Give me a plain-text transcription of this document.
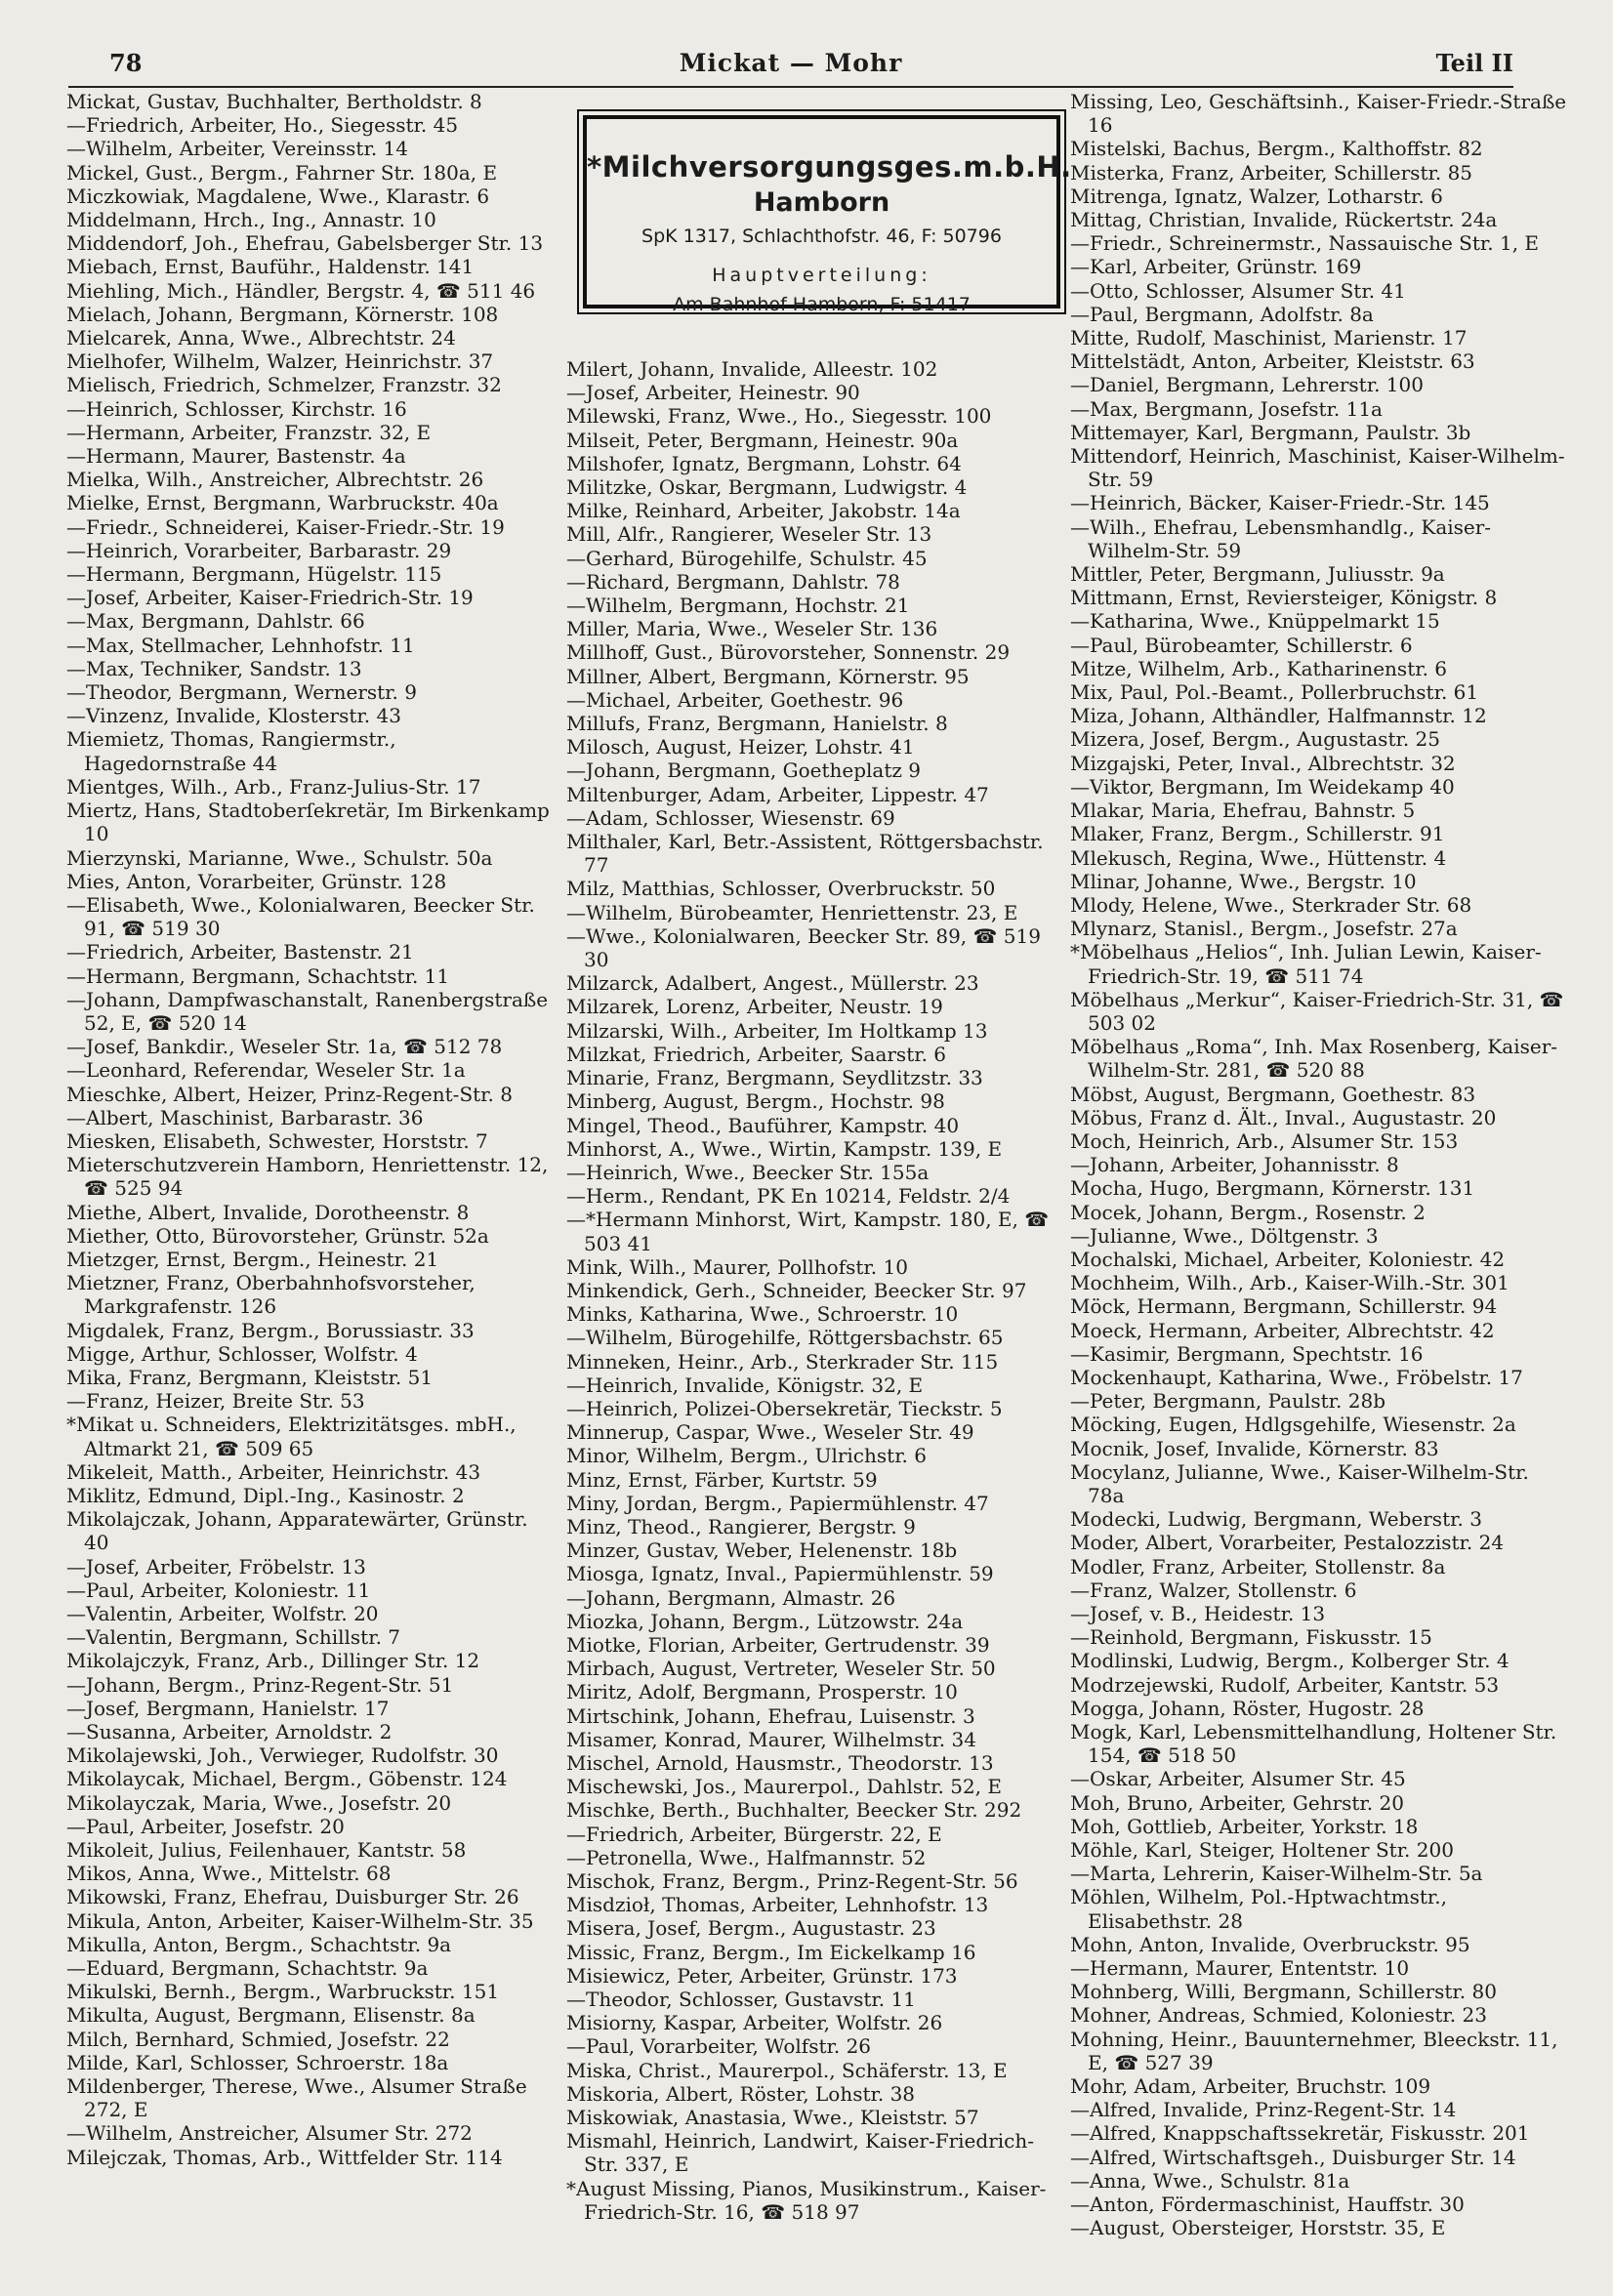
78	Mickat — Mohr	Teil II
*Milchversorgungsges.m.b.H.
Hamborn
SpK 1317, Schlachthofstr. 46, F: 50796
Hauptverteilung:
Am Bahnhof Hamborn, F: 51417
Mickat, Gustav, Buchhalter, Bertholdstr. 8
—Friedrich, Arbeiter, Ho., Siegesstr. 45
—Wilhelm, Arbeiter, Vereinsstr. 14
Mickel, Gust., Bergm., Fahrner Str. 180a, E
Miczkowiak, Magdalene, Wwe., Klarastr. 6
Middelmann, Hrch., Ing., Annastr. 10
Middendorf, Joh., Ehefrau, Gabelsberger Str. 13
Miebach, Ernst, Bauführ., Haldenstr. 141
Miehling, Mich., Händler, Bergstr. 4, ☎ 511 46
Mielach, Johann, Bergmann, Körnerstr. 108
Mielcarek, Anna, Wwe., Albrechtstr. 24
Mielhofer, Wilhelm, Walzer, Heinrichstr. 37
Mielisch, Friedrich, Schmelzer, Franzstr. 32
—Heinrich, Schlosser, Kirchstr. 16
—Hermann, Arbeiter, Franzstr. 32, E
—Hermann, Maurer, Bastenstr. 4a
Mielka, Wilh., Anstreicher, Albrechtstr. 26
Mielke, Ernst, Bergmann, Warbruckstr. 40a
—Friedr., Schneiderei, Kaiser-Friedr.-Str. 19
—Heinrich, Vorarbeiter, Barbarastr. 29
—Hermann, Bergmann, Hügelstr. 115
—Josef, Arbeiter, Kaiser-Friedrich-Str. 19
—Max, Bergmann, Dahlstr. 66
—Max, Stellmacher, Lehnhofstr. 11
—Max, Techniker, Sandstr. 13
—Theodor, Bergmann, Wernerstr. 9
—Vinzenz, Invalide, Klosterstr. 43
Miemietz, Thomas, Rangiermstr., Hagedornstraße 44
Mientges, Wilh., Arb., Franz-Julius-Str. 17
Miertz, Hans, Stadtoberſekretär, Im Birkenkamp 10
Mierzynski, Marianne, Wwe., Schulstr. 50a
Mies, Anton, Vorarbeiter, Grünstr. 128
—Elisabeth, Wwe., Kolonialwaren, Beecker Str. 91, ☎ 519 30
—Friedrich, Arbeiter, Bastenstr. 21
—Hermann, Bergmann, Schachtstr. 11
—Johann, Dampfwaschanstalt, Ranenbergstraße 52, E, ☎ 520 14
—Josef, Bankdir., Weseler Str. 1a, ☎ 512 78
—Leonhard, Referendar, Weseler Str. 1a
Mieschke, Albert, Heizer, Prinz-Regent-Str. 8
—Albert, Maschinist, Barbarastr. 36
Miesken, Elisabeth, Schwester, Horststr. 7
Mieterschutzverein Hamborn, Henriettenstr. 12, ☎ 525 94
Miethe, Albert, Invalide, Dorotheenstr. 8
Miether, Otto, Bürovorsteher, Grünstr. 52a
Mietzger, Ernst, Bergm., Heinestr. 21
Mietzner, Franz, Oberbahnhofsvorsteher, Markgrafenstr. 126
Migdalek, Franz, Bergm., Borussiastr. 33
Migge, Arthur, Schlosser, Wolfstr. 4
Mika, Franz, Bergmann, Kleiststr. 51
—Franz, Heizer, Breite Str. 53
*Mikat u. Schneiders, Elektrizitätsges. mbH., Altmarkt 21, ☎ 509 65
Mikeleit, Matth., Arbeiter, Heinrichstr. 43
Miklitz, Edmund, Dipl.-Ing., Kasinostr. 2
Mikolajczak, Johann, Apparatewärter, Grünstr. 40
—Josef, Arbeiter, Fröbelstr. 13
—Paul, Arbeiter, Koloniestr. 11
—Valentin, Arbeiter, Wolfstr. 20
—Valentin, Bergmann, Schillstr. 7
Mikolajczyk, Franz, Arb., Dillinger Str. 12
—Johann, Bergm., Prinz-Regent-Str. 51
—Josef, Bergmann, Hanielstr. 17
—Susanna, Arbeiter, Arnoldstr. 2
Mikolajewski, Joh., Verwieger, Rudolfstr. 30
Mikolaycak, Michael, Bergm., Göbenstr. 124
Mikolayczak, Maria, Wwe., Josefstr. 20
—Paul, Arbeiter, Josefstr. 20
Mikoleit, Julius, Feilenhauer, Kantstr. 58
Mikos, Anna, Wwe., Mittelstr. 68
Mikowski, Franz, Ehefrau, Duisburger Str. 26
Mikula, Anton, Arbeiter, Kaiser-Wilhelm-Str. 35
Mikulla, Anton, Bergm., Schachtstr. 9a
—Eduard, Bergmann, Schachtstr. 9a
Mikulski, Bernh., Bergm., Warbruckstr. 151
Mikulta, August, Bergmann, Elisenstr. 8a
Milch, Bernhard, Schmied, Josefstr. 22
Milde, Karl, Schlosser, Schroerstr. 18a
Mildenberger, Therese, Wwe., Alsumer Straße 272, E
—Wilhelm, Anstreicher, Alsumer Str. 272
Milejczak, Thomas, Arb., Wittfelder Str. 114
Milert, Johann, Invalide, Alleestr. 102
—Josef, Arbeiter, Heinestr. 90
Milewski, Franz, Wwe., Ho., Siegesstr. 100
Milseit, Peter, Bergmann, Heinestr. 90a
Milshofer, Ignatz, Bergmann, Lohstr. 64
Militzke, Oskar, Bergmann, Ludwigstr. 4
Milke, Reinhard, Arbeiter, Jakobstr. 14a
Mill, Alfr., Rangierer, Weseler Str. 13
—Gerhard, Bürogehilfe, Schulstr. 45
—Richard, Bergmann, Dahlstr. 78
—Wilhelm, Bergmann, Hochstr. 21
Miller, Maria, Wwe., Weseler Str. 136
Millhoff, Gust., Bürovorsteher, Sonnenstr. 29
Millner, Albert, Bergmann, Körnerstr. 95
—Michael, Arbeiter, Goethestr. 96
Millufs, Franz, Bergmann, Hanielstr. 8
Milosch, August, Heizer, Lohstr. 41
—Johann, Bergmann, Goetheplatz 9
Miltenburger, Adam, Arbeiter, Lippestr. 47
—Adam, Schlosser, Wiesenstr. 69
Milthaler, Karl, Betr.-Assistent, Röttgersbachstr. 77
Milz, Matthias, Schlosser, Overbruckstr. 50
—Wilhelm, Bürobeamter, Henriettenstr. 23, E
—Wwe., Kolonialwaren, Beecker Str. 89, ☎ 519 30
Milzarck, Adalbert, Angest., Müllerstr. 23
Milzarek, Lorenz, Arbeiter, Neustr. 19
Milzarski, Wilh., Arbeiter, Im Holtkamp 13
Milzkat, Friedrich, Arbeiter, Saarstr. 6
Minarie, Franz, Bergmann, Seydlitzstr. 33
Minberg, August, Bergm., Hochstr. 98
Mingel, Theod., Bauführer, Kampstr. 40
Minhorst, A., Wwe., Wirtin, Kampstr. 139, E
—Heinrich, Wwe., Beecker Str. 155a
—Herm., Rendant, PK En 10214, Feldstr. 2/4
—*Hermann Minhorst, Wirt, Kampstr. 180, E, ☎ 503 41
Mink, Wilh., Maurer, Pollhofstr. 10
Minkendick, Gerh., Schneider, Beecker Str. 97
Minks, Katharina, Wwe., Schroerstr. 10
—Wilhelm, Bürogehilfe, Röttgersbachstr. 65
Minneken, Heinr., Arb., Sterkrader Str. 115
—Heinrich, Invalide, Königstr. 32, E
—Heinrich, Polizei-Obersekretär, Tieckstr. 5
Minnerup, Caspar, Wwe., Weseler Str. 49
Minor, Wilhelm, Bergm., Ulrichstr. 6
Minz, Ernst, Färber, Kurtstr. 59
Miny, Jordan, Bergm., Papiermühlenstr. 47
Minz, Theod., Rangierer, Bergstr. 9
Minzer, Gustav, Weber, Helenenstr. 18b
Miosga, Ignatz, Inval., Papiermühlenstr. 59
—Johann, Bergmann, Almastr. 26
Miozka, Johann, Bergm., Lützowstr. 24a
Miotke, Florian, Arbeiter, Gertrudenstr. 39
Mirbach, August, Vertreter, Weseler Str. 50
Miritz, Adolf, Bergmann, Prosperstr. 10
Mirtschink, Johann, Ehefrau, Luisenstr. 3
Misamer, Konrad, Maurer, Wilhelmstr. 34
Mischel, Arnold, Hausmstr., Theodorstr. 13
Mischewski, Jos., Maurerpol., Dahlstr. 52, E
Mischke, Berth., Buchhalter, Beecker Str. 292
—Friedrich, Arbeiter, Bürgerstr. 22, E
—Petronella, Wwe., Halfmannstr. 52
Mischok, Franz, Bergm., Prinz-Regent-Str. 56
Misdzioł, Thomas, Arbeiter, Lehnhofstr. 13
Misera, Josef, Bergm., Augustastr. 23
Missic, Franz, Bergm., Im Eickelkamp 16
Misiewicz, Peter, Arbeiter, Grünstr. 173
—Theodor, Schlosser, Gustavstr. 11
Misiorny, Kaspar, Arbeiter, Wolfstr. 26
—Paul, Vorarbeiter, Wolfstr. 26
Miska, Christ., Maurerpol., Schäferstr. 13, E
Miskoria, Albert, Röster, Lohstr. 38
Miskowiak, Anastasia, Wwe., Kleiststr. 57
Mismahl, Heinrich, Landwirt, Kaiser-Friedrich-Str. 337, E
*August Missing, Pianos, Musikinstrum., Kaiser-Friedrich-Str. 16, ☎ 518 97
Missing, Leo, Geschäftsinh., Kaiser-Friedr.-Straße 16
Mistelski, Bachus, Bergm., Kalthoffstr. 82
Misterka, Franz, Arbeiter, Schillerstr. 85
Mitrenga, Ignatz, Walzer, Lotharstr. 6
Mittag, Christian, Invalide, Rückertstr. 24a
—Friedr., Schreinermstr., Nassauische Str. 1, E
—Karl, Arbeiter, Grünstr. 169
—Otto, Schlosser, Alsumer Str. 41
—Paul, Bergmann, Adolfstr. 8a
Mitte, Rudolf, Maschinist, Marienstr. 17
Mittelstädt, Anton, Arbeiter, Kleiststr. 63
—Daniel, Bergmann, Lehrerstr. 100
—Max, Bergmann, Josefstr. 11a
Mittemayer, Karl, Bergmann, Paulstr. 3b
Mittendorf, Heinrich, Maschinist, Kaiser-Wilhelm-Str. 59
—Heinrich, Bäcker, Kaiser-Friedr.-Str. 145
—Wilh., Ehefrau, Lebensmhandlg., Kaiser-Wilhelm-Str. 59
Mittler, Peter, Bergmann, Juliusstr. 9a
Mittmann, Ernst, Reviersteiger, Königstr. 8
—Katharina, Wwe., Knüppelmarkt 15
—Paul, Bürobeamter, Schillerstr. 6
Mitze, Wilhelm, Arb., Katharinenstr. 6
Mix, Paul, Pol.-Beamt., Pollerbruchstr. 61
Miza, Johann, Althändler, Halfmannstr. 12
Mizera, Josef, Bergm., Augustastr. 25
Mizgajski, Peter, Inval., Albrechtstr. 32
—Viktor, Bergmann, Im Weidekamp 40
Mlakar, Maria, Ehefrau, Bahnstr. 5
Mlaker, Franz, Bergm., Schillerstr. 91
Mlekusch, Regina, Wwe., Hüttenstr. 4
Mlinar, Johanne, Wwe., Bergstr. 10
Mlody, Helene, Wwe., Sterkrader Str. 68
Mlynarz, Stanisl., Bergm., Josefstr. 27a
*Möbelhaus „Helios“, Inh. Julian Lewin, Kaiser-Friedrich-Str. 19, ☎ 511 74
Möbelhaus „Merkur“, Kaiser-Friedrich-Str. 31, ☎ 503 02
Möbelhaus „Roma“, Inh. Max Rosenberg, Kaiser-Wilhelm-Str. 281, ☎ 520 88
Möbst, August, Bergmann, Goethestr. 83
Möbus, Franz d. Ält., Inval., Augustastr. 20
Moch, Heinrich, Arb., Alsumer Str. 153
—Johann, Arbeiter, Johannisstr. 8
Mocha, Hugo, Bergmann, Körnerstr. 131
Mocek, Johann, Bergm., Rosenstr. 2
—Julianne, Wwe., Döltgenstr. 3
Mochalski, Michael, Arbeiter, Koloniestr. 42
Mochheim, Wilh., Arb., Kaiser-Wilh.-Str. 301
Möck, Hermann, Bergmann, Schillerstr. 94
Moeck, Hermann, Arbeiter, Albrechtstr. 42
—Kasimir, Bergmann, Spechtstr. 16
Mockenhaupt, Katharina, Wwe., Fröbelstr. 17
—Peter, Bergmann, Paulstr. 28b
Möcking, Eugen, Hdlgsgehilfe, Wiesenstr. 2a
Mocnik, Josef, Invalide, Körnerstr. 83
Mocylanz, Julianne, Wwe., Kaiser-Wilhelm-Str. 78a
Modecki, Ludwig, Bergmann, Weberstr. 3
Moder, Albert, Vorarbeiter, Pestalozzistr. 24
Modler, Franz, Arbeiter, Stollenstr. 8a
—Franz, Walzer, Stollenstr. 6
—Josef, v. B., Heidestr. 13
—Reinhold, Bergmann, Fiskusstr. 15
Modlinski, Ludwig, Bergm., Kolberger Str. 4
Modrzejewski, Rudolf, Arbeiter, Kantstr. 53
Mogga, Johann, Röster, Hugostr. 28
Mogk, Karl, Lebensmittelhandlung, Holtener Str. 154, ☎ 518 50
—Oskar, Arbeiter, Alsumer Str. 45
Moh, Bruno, Arbeiter, Gehrstr. 20
Moh, Gottlieb, Arbeiter, Yorkstr. 18
Möhle, Karl, Steiger, Holtener Str. 200
—Marta, Lehrerin, Kaiser-Wilhelm-Str. 5a
Möhlen, Wilhelm, Pol.-Hptwachtmstr., Elisabethstr. 28
Mohn, Anton, Invalide, Overbruckstr. 95
—Hermann, Maurer, Ententstr. 10
Mohnberg, Willi, Bergmann, Schillerstr. 80
Mohner, Andreas, Schmied, Koloniestr. 23
Mohning, Heinr., Bauunternehmer, Bleeckstr. 11, E, ☎ 527 39
Mohr, Adam, Arbeiter, Bruchstr. 109
—Alfred, Invalide, Prinz-Regent-Str. 14
—Alfred, Knappschaftssekretär, Fiskusstr. 201
—Alfred, Wirtschaftsgeh., Duisburger Str. 14
—Anna, Wwe., Schulstr. 81a
—Anton, Fördermaschinist, Hauffstr. 30
—August, Obersteiger, Horststr. 35, E
